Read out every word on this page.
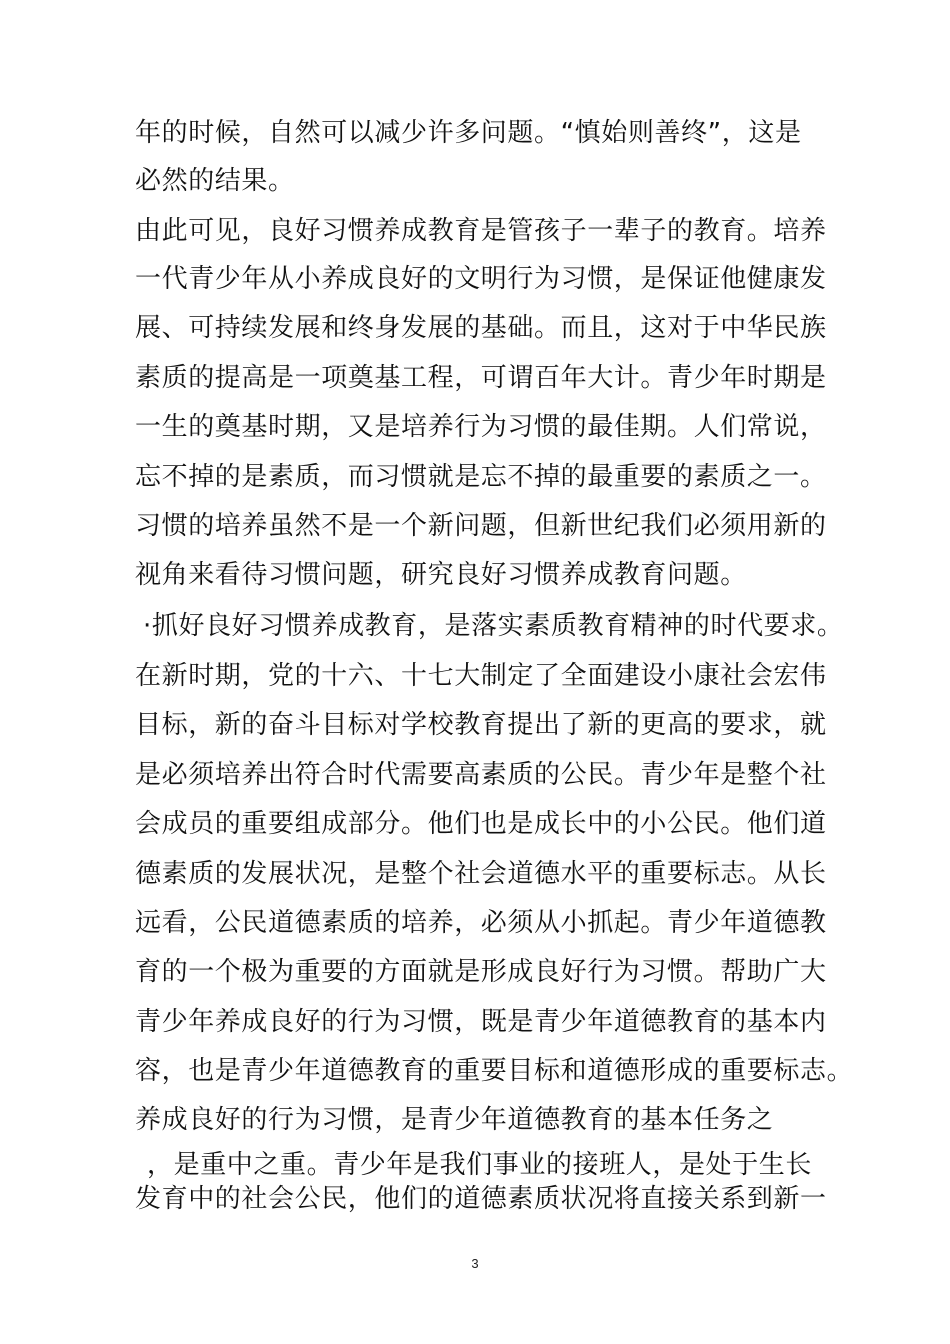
年的时候，自然可以减少许多问题。“慎始则善终”，这是
必然的结果。
由此可见，良好习惯养成教育是管孩子一辈子的教育。培养
一代青少年从小养成良好的文明行为习惯，是保证他健康发
展、可持续发展和终身发展的基础。而且，这对于中华民族
素质的提高是一项奠基工程，可谓百年大计。青少年时期是
一生的奠基时期，又是培养行为习惯的最佳期。人们常说，
忘不掉的是素质，而习惯就是忘不掉的最重要的素质之一。
习惯的培养虽然不是一个新问题，但新世纪我们必须用新的
视角来看待习惯问题，研究良好习惯养成教育问题。
·抓好良好习惯养成教育，是落实素质教育精神的时代要求。
在新时期，党的十六、十七大制定了全面建设小康社会宏伟
目标，新的奋斗目标对学校教育提出了新的更高的要求，就
是必须培养出符合时代需要高素质的公民。青少年是整个社
会成员的重要组成部分。他们也是成长中的小公民。他们道
德素质的发展状况，是整个社会道德水平的重要标志。从长
远看，公民道德素质的培养，必须从小抓起。青少年道德教
育的一个极为重要的方面就是形成良好行为习惯。帮助广大
青少年养成良好的行为习惯，既是青少年道德教育的基本内
容，也是青少年道德教育的重要目标和道德形成的重要标志。
养成良好的行为习惯，是青少年道德教育的基本任务之
，是重中之重。青少年是我们事业的接班人，是处于生长
发育中的社会公民，他们的道德素质状况将直接关系到新一
3
